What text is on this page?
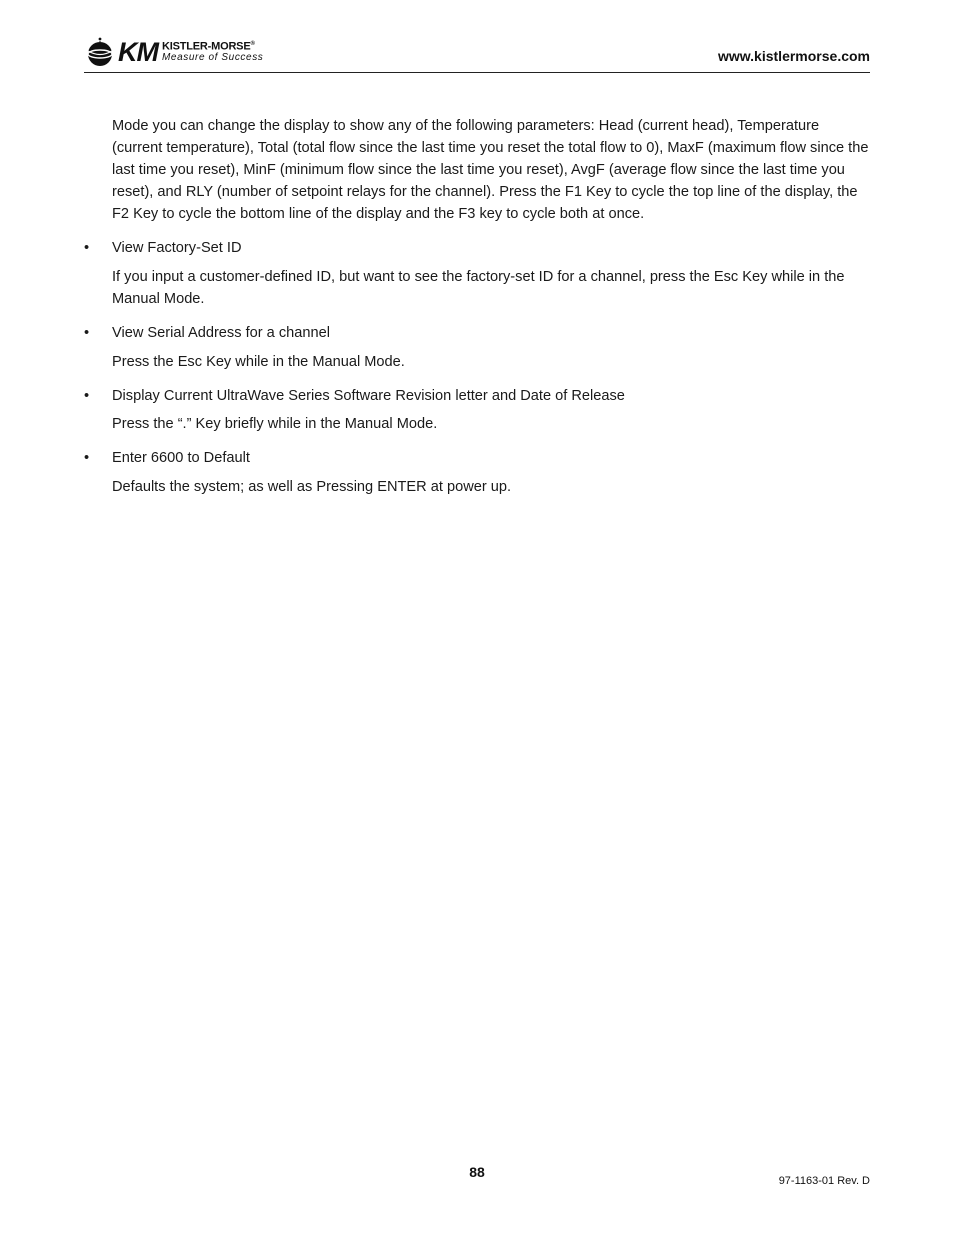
KM KISTLER-MORSE®
Measure of Success	www.kistlermorse.com

Mode you can change the display to show any of the following parameters: Head (current head), Temperature (current temperature), Total (total flow since the last time you reset the total flow to 0), MaxF (maximum flow since the last time you reset), MinF (minimum flow since the last time you reset), AvgF (average flow since the last time you reset), and RLY (number of setpoint relays for the channel). Press the F1 Key to cycle the top line of the display, the F2 Key to cycle the bottom line of the display and the F3 key to cycle both at once.

•	View Factory-Set ID

If you input a customer-defined ID, but want to see the factory-set ID for a channel, press the Esc Key while in the Manual Mode.

•	View Serial Address for a channel

Press the Esc Key while in the Manual Mode.

•	Display Current UltraWave Series Software Revision letter and Date of Release

Press the “.” Key briefly while in the Manual Mode.

•	Enter 6600 to Default

Defaults the system; as well as Pressing ENTER at power up.

88
97-1163-01 Rev. D
